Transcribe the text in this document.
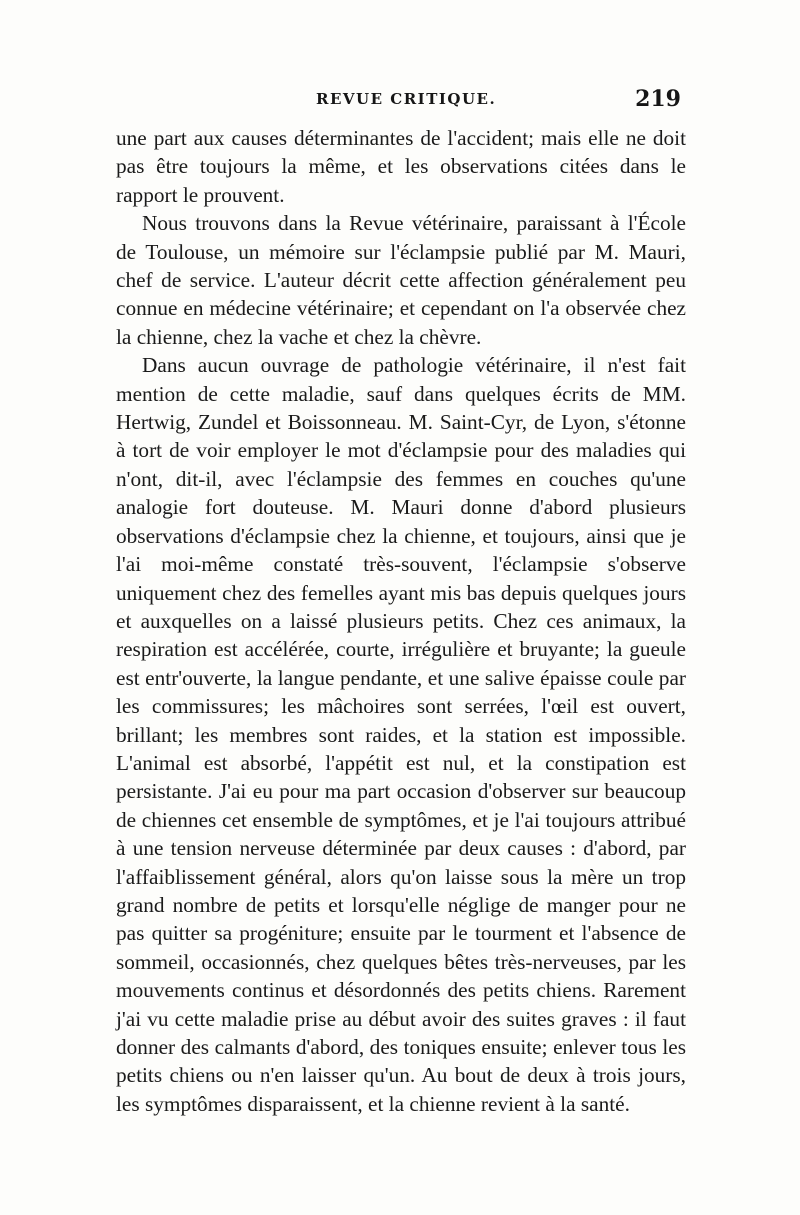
REVUE CRITIQUE.	219

une part aux causes déterminantes de l'accident; mais elle ne doit pas être toujours la même, et les observations citées dans le rapport le prouvent.

Nous trouvons dans la Revue vétérinaire, paraissant à l'École de Toulouse, un mémoire sur l'éclampsie publié par M. Mauri, chef de service. L'auteur décrit cette affection généralement peu connue en médecine vétérinaire; et cependant on l'a observée chez la chienne, chez la vache et chez la chèvre.

Dans aucun ouvrage de pathologie vétérinaire, il n'est fait mention de cette maladie, sauf dans quelques écrits de MM. Hertwig, Zundel et Boissonneau. M. Saint-Cyr, de Lyon, s'étonne à tort de voir employer le mot d'éclampsie pour des maladies qui n'ont, dit-il, avec l'éclampsie des femmes en couches qu'une analogie fort douteuse. M. Mauri donne d'abord plusieurs observations d'éclampsie chez la chienne, et toujours, ainsi que je l'ai moi-même constaté très-souvent, l'éclampsie s'observe uniquement chez des femelles ayant mis bas depuis quelques jours et auxquelles on a laissé plusieurs petits. Chez ces animaux, la respiration est accélérée, courte, irrégulière et bruyante; la gueule est entr'ouverte, la langue pendante, et une salive épaisse coule par les commissures; les mâchoires sont serrées, l'œil est ouvert, brillant; les membres sont raides, et la station est impossible. L'animal est absorbé, l'appétit est nul, et la constipation est persistante. J'ai eu pour ma part occasion d'observer sur beaucoup de chiennes cet ensemble de symptômes, et je l'ai toujours attribué à une tension nerveuse déterminée par deux causes : d'abord, par l'affaiblissement général, alors qu'on laisse sous la mère un trop grand nombre de petits et lorsqu'elle néglige de manger pour ne pas quitter sa progéniture; ensuite par le tourment et l'absence de sommeil, occasionnés, chez quelques bêtes très-nerveuses, par les mouvements continus et désordonnés des petits chiens. Rarement j'ai vu cette maladie prise au début avoir des suites graves : il faut donner des calmants d'abord, des toniques ensuite; enlever tous les petits chiens ou n'en laisser qu'un. Au bout de deux à trois jours, les symptômes disparaissent, et la chienne revient à la santé.
